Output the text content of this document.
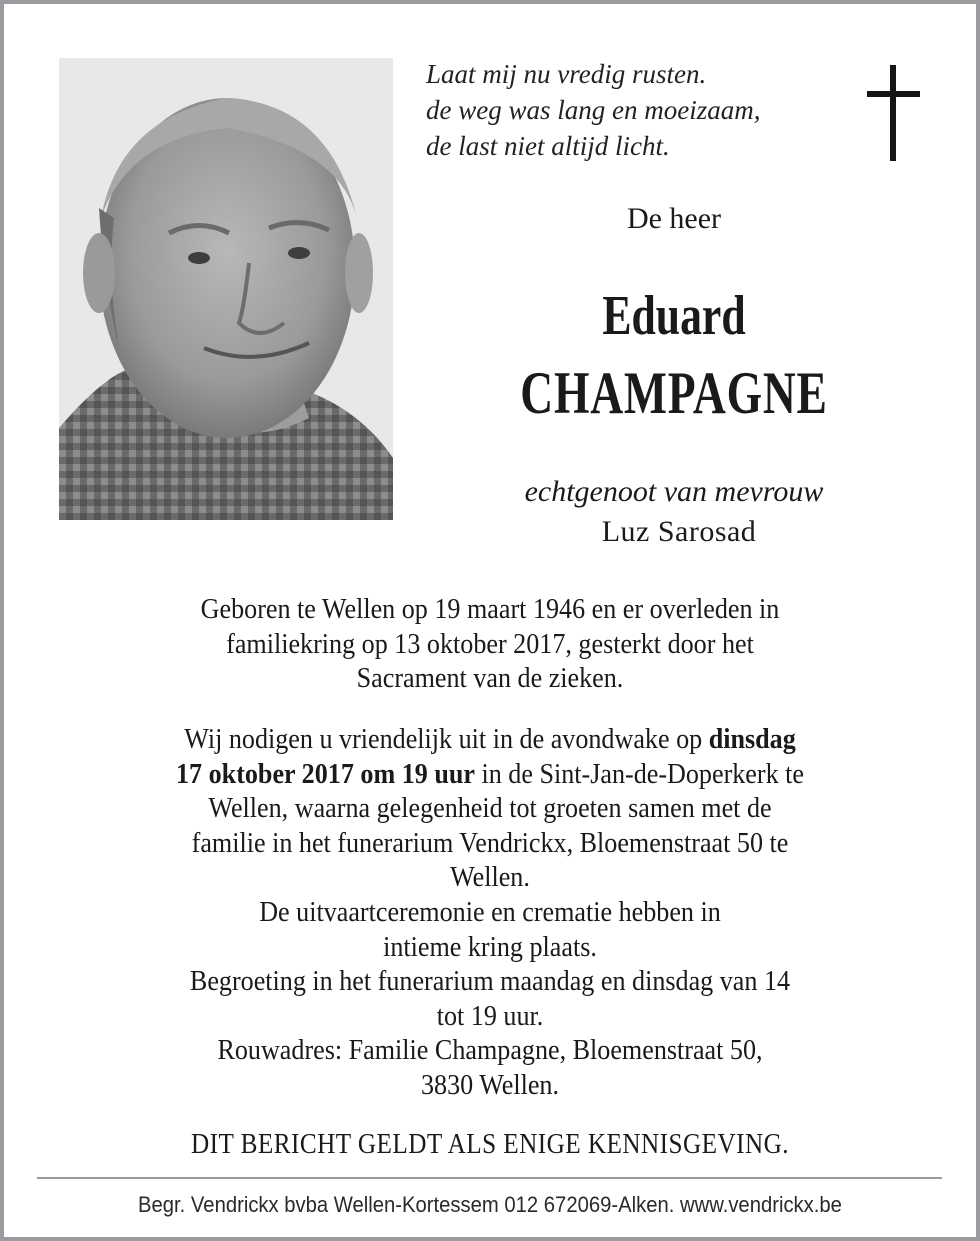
Laat mij nu vredig rusten.
de weg was lang en moeizaam,
de last niet altijd licht.
De heer
Eduard
CHAMPAGNE
echtgenoot van mevrouw
Luz Sarosad
Geboren te Wellen op 19 maart 1946 en er overleden in
familiekring op 13 oktober 2017, gesterkt door het
Sacrament van de zieken.
Wij nodigen u vriendelijk uit in de avondwake op dinsdag
17 oktober 2017 om 19 uur in de Sint-Jan-de-Doperkerk te
Wellen, waarna gelegenheid tot groeten samen met de
familie in het funerarium Vendrickx, Bloemenstraat 50 te
Wellen.
De uitvaartceremonie en crematie hebben in
intieme kring plaats.
Begroeting in het funerarium maandag en dinsdag van 14
tot 19 uur.
Rouwadres: Familie Champagne, Bloemenstraat 50,
3830 Wellen.
DIT BERICHT GELDT ALS ENIGE KENNISGEVING.
Begr. Vendrickx bvba Wellen-Kortessem 012 672069-Alken. www.vendrickx.be
